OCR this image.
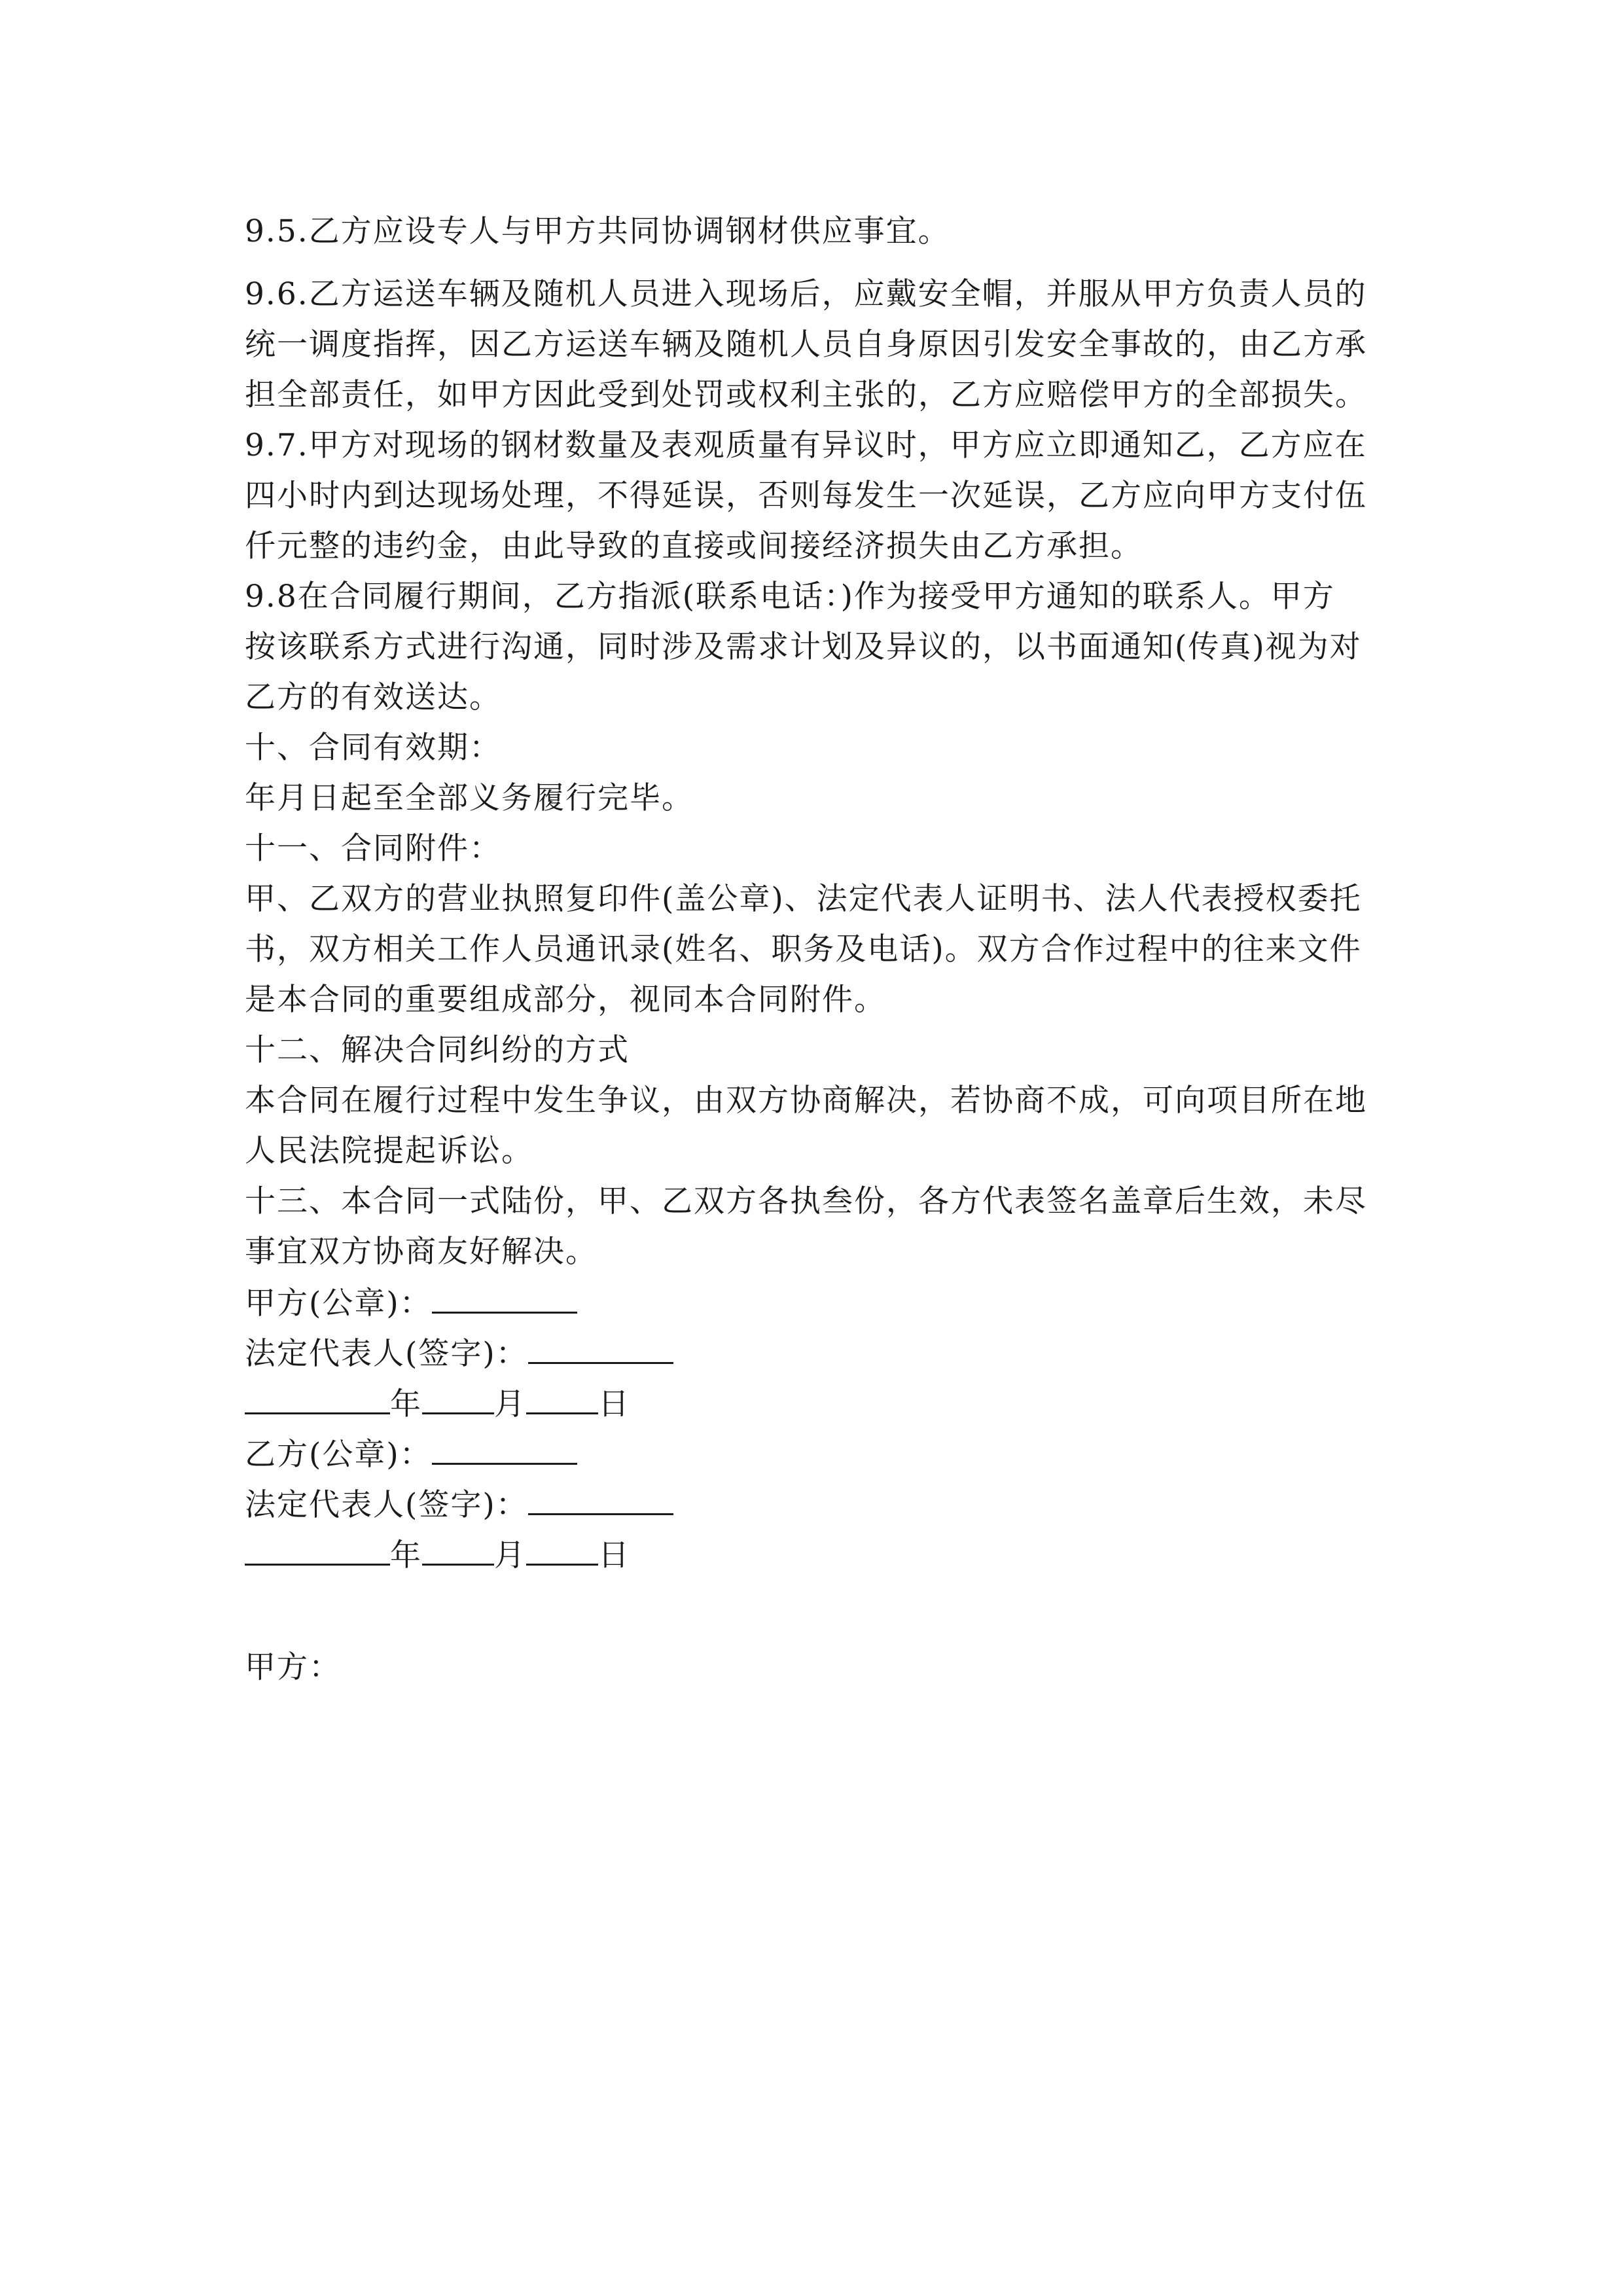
9.5.乙方应设专人与甲方共同协调钢材供应事宜。
9.6.乙方运送车辆及随机人员进入现场后，应戴安全帽，并服从甲方负责人员的
统一调度指挥，因乙方运送车辆及随机人员自身原因引发安全事故的，由乙方承
担全部责任，如甲方因此受到处罚或权利主张的，乙方应赔偿甲方的全部损失。
9.7.甲方对现场的钢材数量及表观质量有异议时，甲方应立即通知乙，乙方应在
四小时内到达现场处理，不得延误，否则每发生一次延误，乙方应向甲方支付伍
仟元整的违约金，由此导致的直接或间接经济损失由乙方承担。
9.8在合同履行期间，乙方指派(联系电话：)作为接受甲方通知的联系人。甲方
按该联系方式进行沟通，同时涉及需求计划及异议的，以书面通知(传真)视为对
乙方的有效送达。
十、合同有效期：
年月日起至全部义务履行完毕。
十一、合同附件：
甲、乙双方的营业执照复印件(盖公章)、法定代表人证明书、法人代表授权委托
书，双方相关工作人员通讯录(姓名、职务及电话)。双方合作过程中的往来文件
是本合同的重要组成部分，视同本合同附件。
十二、解决合同纠纷的方式
本合同在履行过程中发生争议，由双方协商解决，若协商不成，可向项目所在地
人民法院提起诉讼。
十三、本合同一式陆份，甲、乙双方各执叁份，各方代表签名盖章后生效，未尽
事宜双方协商友好解决。
甲方(公章)：
法定代表人(签字)：
年 月 日
乙方(公章)：
法定代表人(签字)：
年 月 日
甲方：
